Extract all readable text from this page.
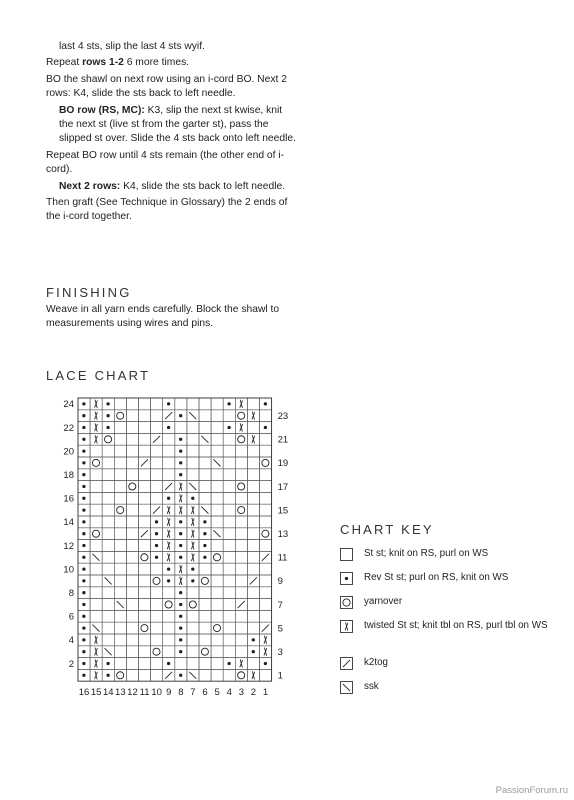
last 4 sts, slip the last 4 sts wyif.

Repeat rows 1-2 6 more times.

BO the shawl on next row using an i-cord BO. Next 2 rows: K4, slide the sts back to left needle.

BO row (RS, MC): K3, slip the next st kwise, knit the next st (live st from the garter st), pass the slipped st over. Slide the 4 sts back onto left needle.

Repeat BO row until 4 sts remain (the other end of i-cord).

Next 2 rows: K4, slide the sts back to left needle.

Then graft (See Technique in Glossary) the 2 ends of the i-cord together.

FINISHING
Weave in all yarn ends carefully. Block the shawl to measurements using wires and pins.
LACE CHART
24
22
20
18
16
14
12
10
8
6
4
2
23
21
19
17
15
13
11
9
7
5
3
1
16 15 14 13 12 11 10 9 8 7 6 5 4 3 2 1
CHART KEY
St st; knit on RS, purl on WS
Rev St st; purl on RS, knit on WS
yarnover
twisted St st; knit tbl on RS, purl tbl on WS
k2tog
ssk
PassionForum.ru
